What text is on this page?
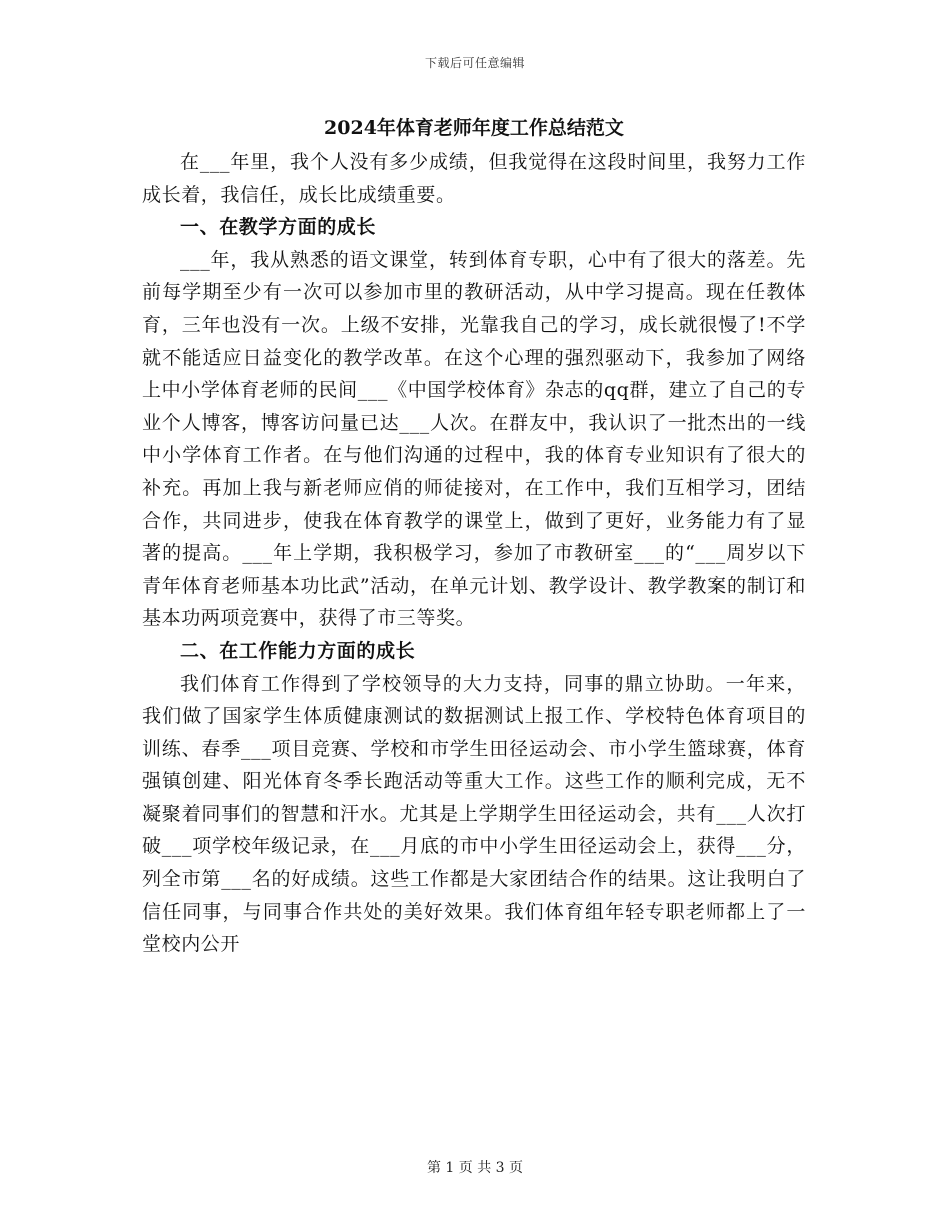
下载后可任意编辑
2024年体育老师年度工作总结范文

在___年里，我个人没有多少成绩，但我觉得在这段时间里，我努力工作成长着，我信任，成长比成绩重要。

一、在教学方面的成长

___年，我从熟悉的语文课堂，转到体育专职，心中有了很大的落差。先前每学期至少有一次可以参加市里的教研活动，从中学习提高。现在任教体育，三年也没有一次。上级不安排，光靠我自己的学习，成长就很慢了!不学就不能适应日益变化的教学改革。在这个心理的强烈驱动下，我参加了网络上中小学体育老师的民间___《中国学校体育》杂志的qq群，建立了自己的专业个人博客，博客访问量已达___人次。在群友中，我认识了一批杰出的一线中小学体育工作者。在与他们沟通的过程中，我的体育专业知识有了很大的补充。再加上我与新老师应俏的师徒接对，在工作中，我们互相学习，团结合作，共同进步，使我在体育教学的课堂上，做到了更好，业务能力有了显著的提高。___年上学期，我积极学习，参加了市教研室___的“___周岁以下青年体育老师基本功比武”活动，在单元计划、教学设计、教学教案的制订和基本功两项竞赛中，获得了市三等奖。

二、在工作能力方面的成长

我们体育工作得到了学校领导的大力支持，同事的鼎立协助。一年来，我们做了国家学生体质健康测试的数据测试上报工作、学校特色体育项目的训练、春季___项目竞赛、学校和市学生田径运动会、市小学生篮球赛，体育强镇创建、阳光体育冬季长跑活动等重大工作。这些工作的顺利完成，无不凝聚着同事们的智慧和汗水。尤其是上学期学生田径运动会，共有___人次打破___项学校年级记录，在___月底的市中小学生田径运动会上，获得___分，列全市第___名的好成绩。这些工作都是大家团结合作的结果。这让我明白了信任同事，与同事合作共处的美好效果。我们体育组年轻专职老师都上了一堂校内公开

第 1 页 共 3 页
